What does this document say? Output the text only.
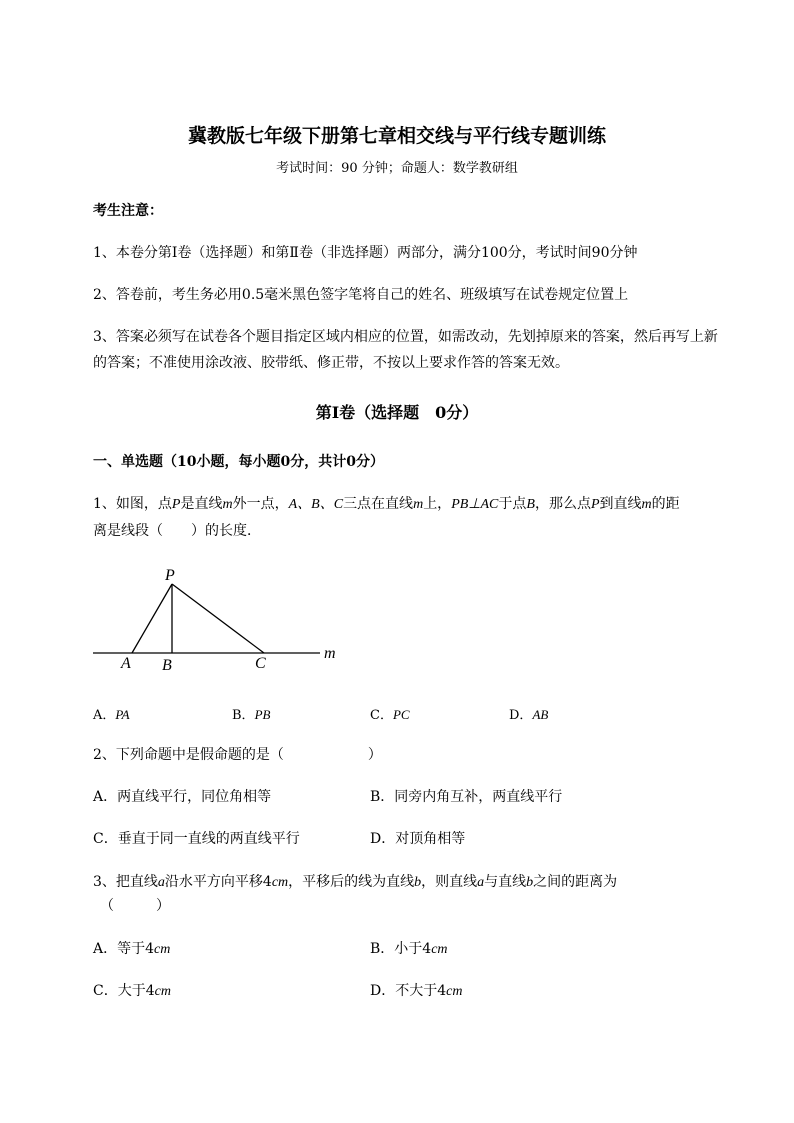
冀教版七年级下册第七章相交线与平行线专题训练
考试时间：90 分钟；命题人：数学教研组
考生注意：
1、本卷分第Ⅰ卷（选择题）和第Ⅱ卷（非选择题）两部分，满分100分，考试时间90分钟
2、答卷前，考生务必用0.5毫米黑色签字笔将自己的姓名、班级填写在试卷规定位置上
3、答案必须写在试卷各个题目指定区域内相应的位置，如需改动，先划掉原来的答案，然后再写上新
的答案；不准使用涂改液、胶带纸、修正带，不按以上要求作答的答案无效。
第Ⅰ卷（选择题　0分）
一、单选题（10小题，每小题0分，共计0分）
1、如图，点P是直线m外一点，A、B、C三点在直线m上，PB⊥AC于点B，那么点P到直线m的距
离是线段（　　）的长度．
P
A B	C
m
A．PA	B．PB	C．PC	D．AB
2、下列命题中是假命题的是（　　　　　　）
A．两直线平行，同位角相等	B．同旁内角互补，两直线平行
C．垂直于同一直线的两直线平行	D．对顶角相等
3、把直线a沿水平方向平移4cm，平移后的线为直线b，则直线a与直线b之间的距离为
（　　　）
A．等于4cm	B．小于4cm
C．大于4cm	D．不大于4cm
